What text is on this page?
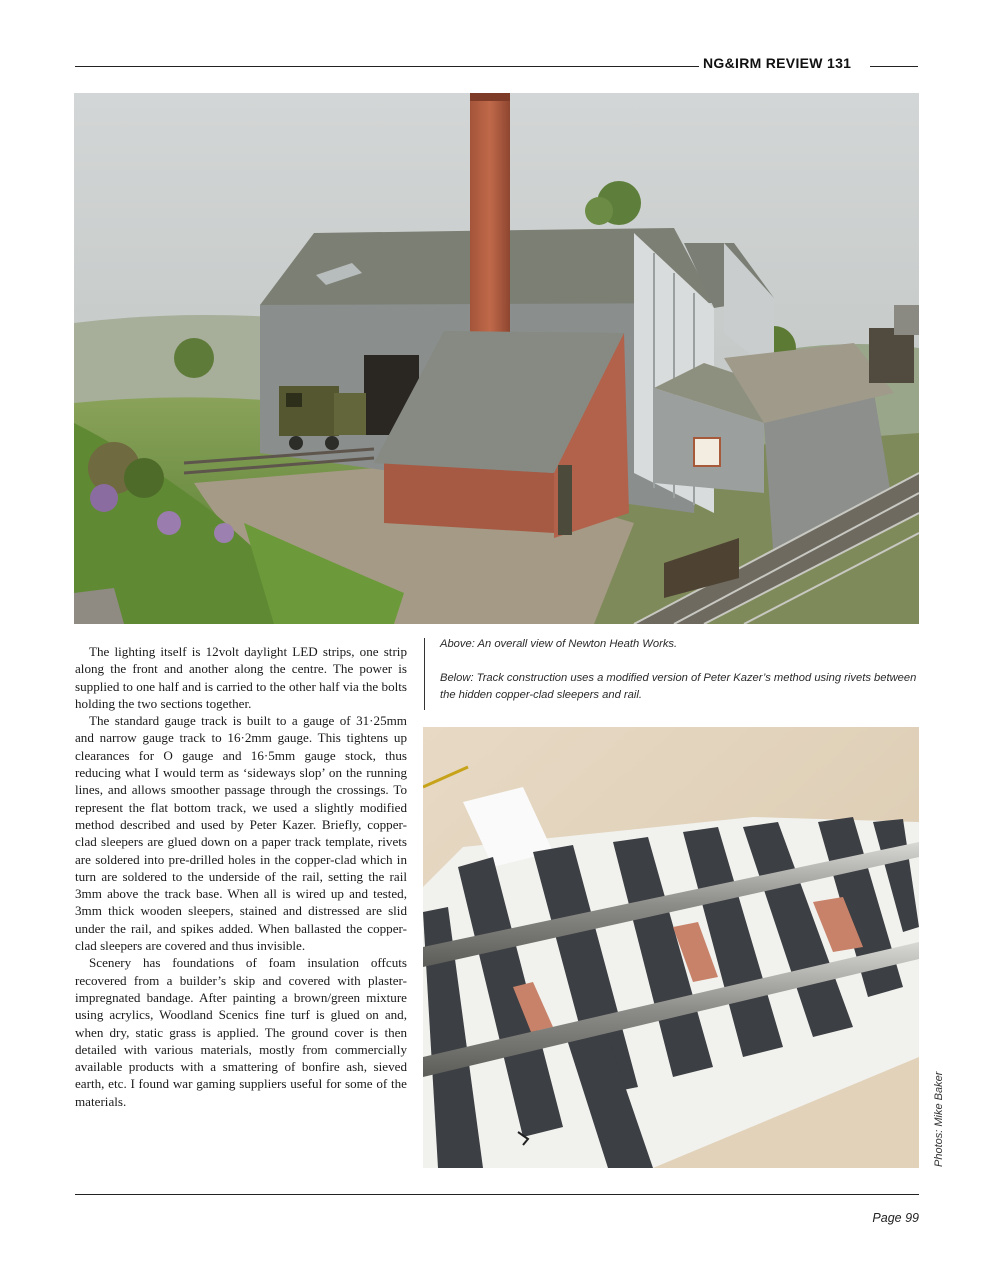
NG&IRM REVIEW 131

The lighting itself is 12volt daylight LED strips, one strip along the front and another along the centre. The power is supplied to one half and is carried to the other half via the bolts holding the two sections together.

The standard gauge track is built to a gauge of 31·25mm and narrow gauge track to 16·2mm gauge. This tightens up clearances for O gauge and 16·5mm gauge stock, thus reducing what I would term as ‘sideways slop’ on the running lines, and allows smoother passage through the crossings. To represent the flat bottom track, we used a slightly modified method described and used by Peter Kazer. Briefly, copper-clad sleepers are glued down on a paper track template, rivets are soldered into pre-drilled holes in the copper-clad which in turn are soldered to the underside of the rail, setting the rail 3mm above the track base. When all is wired up and tested, 3mm thick wooden sleepers, stained and distressed are slid under the rail, and spikes added. When ballasted the copper-clad sleepers are covered and thus invisible.

Scenery has foundations of foam insulation offcuts recovered from a builder’s skip and covered with plaster-impregnated bandage. After painting a brown/green mixture using acrylics, Woodland Scenics fine turf is glued on and, when dry, static grass is applied. The ground cover is then detailed with various materials, mostly from commercially available products with a smattering of bonfire ash, sieved earth, etc. I found war gaming suppliers useful for some of the materials.

Above: An overall view of Newton Heath Works.

Below: Track construction uses a modified version of Peter Kazer’s method using rivets between the hidden copper-clad sleepers and rail.

Photos: Mike Baker
Page 99
